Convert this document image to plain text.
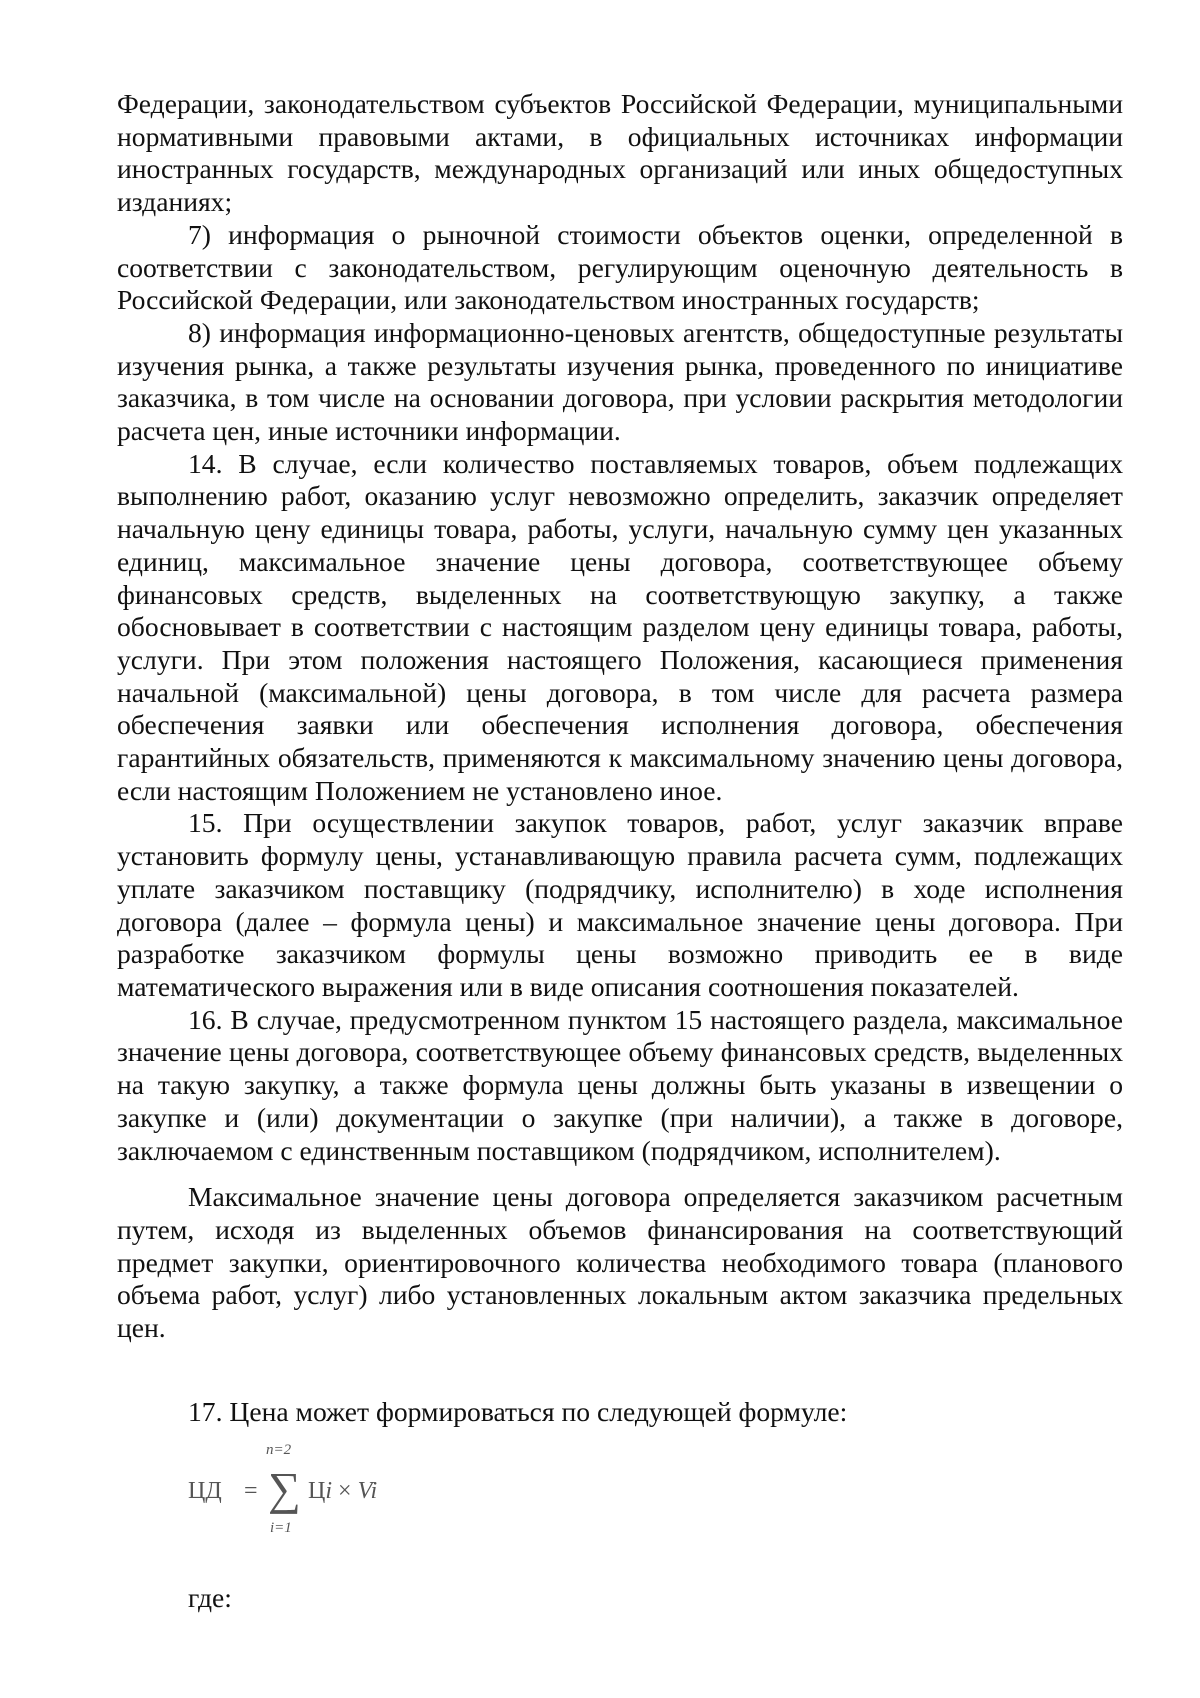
Федерации, законодательством субъектов Российской Федерации, муниципальными нормативными правовыми актами, в официальных источниках информации иностранных государств, международных организаций или иных общедоступных изданиях;

7) информация о рыночной стоимости объектов оценки, определенной в соответствии с законодательством, регулирующим оценочную деятельность в Российской Федерации, или законодательством иностранных государств;

8) информация информационно-ценовых агентств, общедоступные результаты изучения рынка, а также результаты изучения рынка, проведенного по инициативе заказчика, в том числе на основании договора, при условии раскрытия методологии расчета цен, иные источники информации.

14. В случае, если количество поставляемых товаров, объем подлежащих выполнению работ, оказанию услуг невозможно определить, заказчик определяет начальную цену единицы товара, работы, услуги, начальную сумму цен указанных единиц, максимальное значение цены договора, соответствующее объему финансовых средств, выделенных на соответствующую закупку, а также обосновывает в соответствии с настоящим разделом цену единицы товара, работы, услуги. При этом положения настоящего Положения, касающиеся применения начальной (максимальной) цены договора, в том числе для расчета размера обеспечения заявки или обеспечения исполнения договора, обеспечения гарантийных обязательств, применяются к максимальному значению цены договора, если настоящим Положением не установлено иное.

15. При осуществлении закупок товаров, работ, услуг заказчик вправе установить формулу цены, устанавливающую правила расчета сумм, подлежащих уплате заказчиком поставщику (подрядчику, исполнителю) в ходе исполнения договора (далее – формула цены) и максимальное значение цены договора. При разработке заказчиком формулы цены возможно приводить ее в виде математического выражения или в виде описания соотношения показателей.

16. В случае, предусмотренном пунктом 15 настоящего раздела, максимальное значение цены договора, соответствующее объему финансовых средств, выделенных на такую закупку, а также формула цены должны быть указаны в извещении о закупке и (или) документации о закупке (при наличии), а также в договоре, заключаемом с единственным поставщиком (подрядчиком, исполнителем).

Максимальное значение цены договора определяется заказчиком расчетным путем, исходя из выделенных объемов финансирования на соответствующий предмет закупки, ориентировочного количества необходимого товара (планового объема работ, услуг) либо установленных локальным актом заказчика предельных цен.

17. Цена может формироваться по следующей формуле:
ЦД =
n=2
∑
i=1
Цi × Vi
где:
